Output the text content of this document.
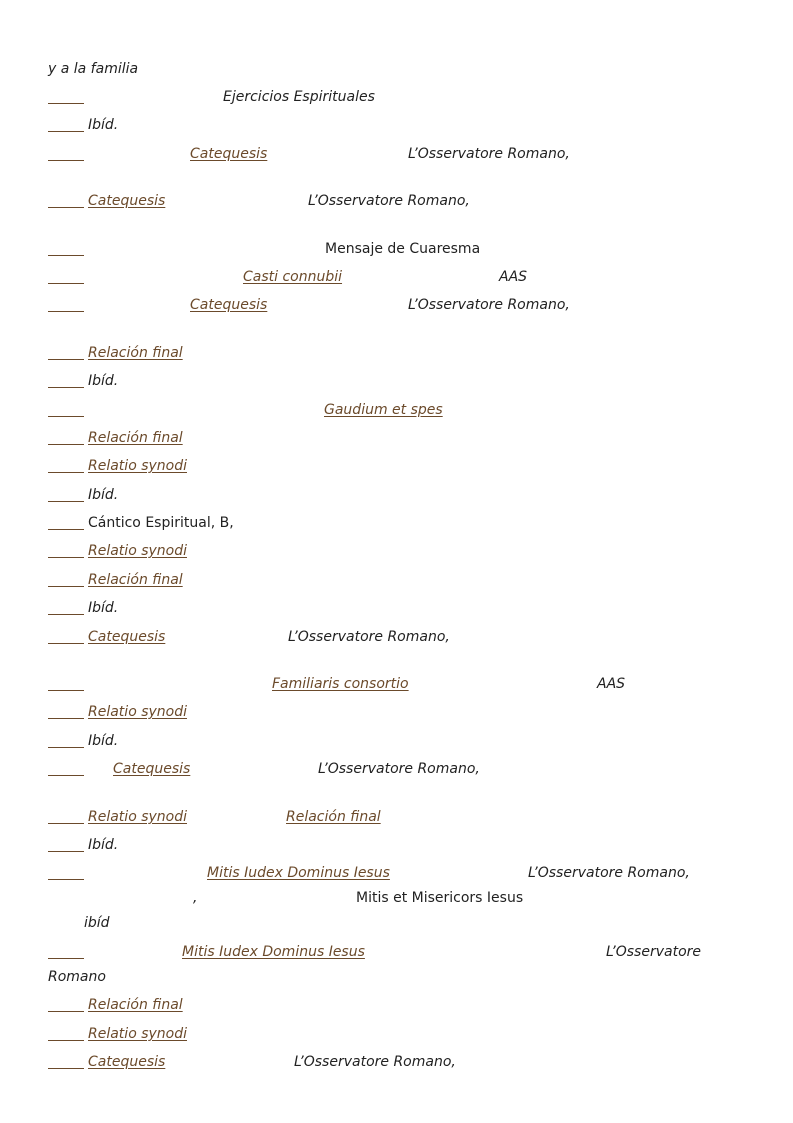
y a la familia
Ejercicios Espirituales
Ibíd.
Catequesis	L’Osservatore Romano,
Catequesis	L’Osservatore Romano,
Mensaje de Cuaresma
Casti connubii	AAS
Catequesis	L’Osservatore Romano,
Relación final
Ibíd.
Gaudium et spes
Relación final
Relatio synodi
Ibíd.
Cántico Espiritual, B,
Relatio synodi
Relación final
Ibíd.
Catequesis	L’Osservatore Romano,
Familiaris consortio	AAS
Relatio synodi
Ibíd.
Catequesis	L’Osservatore Romano,
Relatio synodi	Relación final
Ibíd.
Mitis Iudex Dominus Iesus	L’Osservatore Romano,
,	Mitis et Misericors Iesus
ibíd
Mitis Iudex Dominus Iesus	L’Osservatore
Romano
Relación final
Relatio synodi
Catequesis	L’Osservatore Romano,
